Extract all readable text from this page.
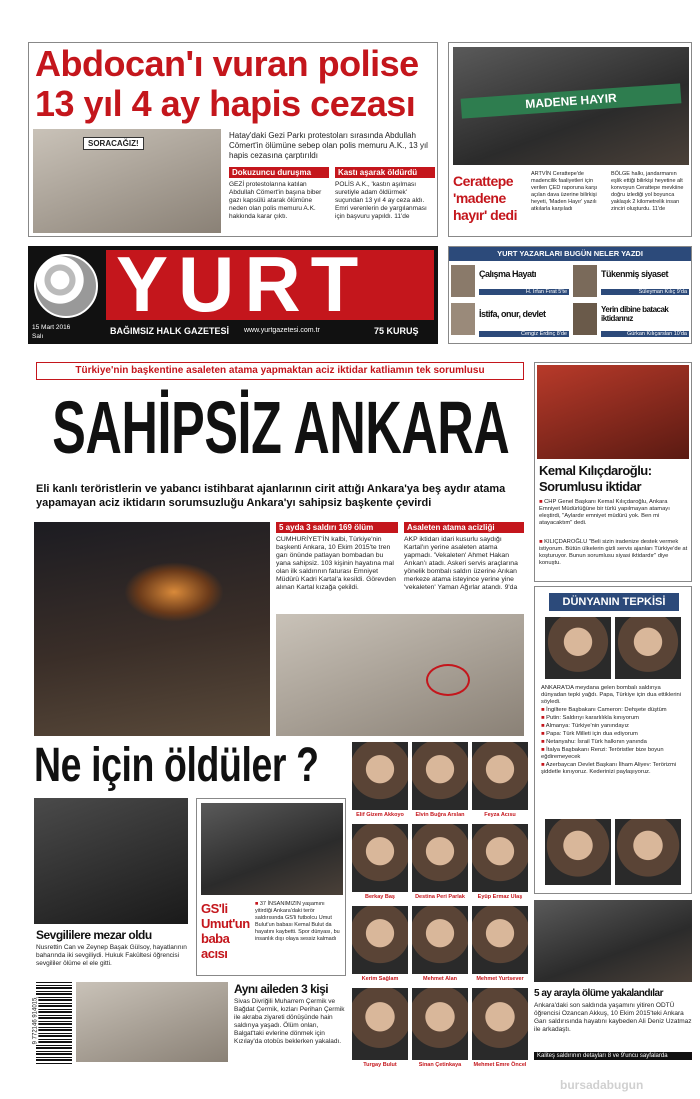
Abdocan'ı vuran polise
13 yıl 4 ay hapis cezası
SORACAĞIZ!
Hatay'daki Gezi Parkı protestoları sırasında Abdullah Cömert'in ölümüne sebep olan polis memuru A.K., 13 yıl hapis cezasına çarptırıldı
Dokuzuncu duruşma
GEZİ protestolarına katılan Abdullah Cömert'in başına biber gazı kapsülü atarak ölümüne neden olan polis memuru A.K. hakkında karar çıktı.
Kastı aşarak öldürdü
POLİS A.K., 'kastın aşılması suretiyle adam öldürmek' suçundan 13 yıl 4 ay ceza aldı. Emri verenlerin de yargılanması için başvuru yapıldı. 11'de
MADENE HAYIR
Cerattepe 'madene hayır' dedi
ARTVİN Cerattepe'de madencilik faaliyetleri için verilen ÇED raporuna karşı açılan dava üzerine bilirkişi heyeti, 'Maden Hayır' yazılı atkılarla karşıladı
BÖLGE halkı, jandarmanın eşlik ettiği bilirkişi heyetine alt konvoyun Cerattepe mevkiine doğru izlediği yol boyunca yaklaşık 2 kilometrelik insan zinciri oluşturdu. 11'de
15 Mart 2016
Salı
YURT
BAĞIMSIZ HALK GAZETESİ www.yurtgazetesi.com.tr	75 KURUŞ
YURT YAZARLARI BUGÜN NELER YAZDI
Çalışma Hayatı
H. İrfan Fırat 5'te
Tükenmiş siyaset
Süleyman Kılıç 9'da
İstifa, onur, devlet
Cengiz Erdinç 8'de
Yerin dibine batacak iktidarınız
Gürkan Kılıçarslan 10'da
Türkiye'nin başkentine asaleten atama yapmaktan aciz iktidar katliamın tek sorumlusu
SAHİPSİZ ANKARA
Eli kanlı teröristlerin ve yabancı istihbarat ajanlarının cirit attığı Ankara'ya beş aydır atama yapamayan aciz iktidarın sorumsuzluğu Ankara'yı sahipsiz başkente çevirdi
5 ayda 3 saldırı 169 ölüm
CUMHURİYET'İN kalbi, Türkiye'nin başkenti Ankara, 10 Ekim 2015'te tren garı önünde patlayan bombadan bu yana sahipsiz. 103 kişinin hayatına mal olan ilk saldırının faturası Emniyet Müdürü Kadri Kartal'a kesildi. Görevden alınan Kartal kızağa çekildi.
Asaleten atama acizliği
AKP iktidarı idari kusurlu saydığı Kartal'ın yerine asaleten atama yapmadı. 'Vekaleten' Ahmet Hakan Arıkan'ı atadı. Askeri servis araçlarına yönelik bombalı saldırı üzerine Arıkan merkeze atama isteyince yerine yine 'vekaleten' Yaman Ağırlar atandı. 9'da
Kemal Kılıçdaroğlu: Sorumlusu iktidar
■ CHP Genel Başkanı Kemal Kılıçdaroğlu, Ankara Emniyet Müdürlüğüne bir türlü yapılmayan atamayı eleştirdi, "Aylardır emniyet müdürü yok. Ben mi atayacaktım" dedi.
■ KILIÇDAROĞLU "Beli sizin iradenize destek vermek istiyorum. Bütün ülkelerin gizli servis ajanları Türkiye'de at koşturuyor. Bunun sorumlusu siyasi iktidardır" diye konuştu.
DÜNYANIN TEPKİSİ
ANKARA'DA meydana gelen bombalı saldırıya dünyadan tepki yağdı. Papa, Türkiye için dua ettiklerini söyledi.
■ İngiltere Başbakanı Cameron: Dehşete düştüm
■ Putin: Saldırıyı kararlılıkla kınıyorum
■ Almanya: Türkiye'nin yanındayız
■ Papa: Türk Milleti için dua ediyorum
■ Netanyahu: İsrail Türk halkının yanında
■ İtalya Başbakanı Renzi: Teröristler bize boyun eğdiremeyecek
■ Azerbaycan Devlet Başkanı İlham Aliyev: Terörizmi şiddetle kınıyoruz. Kederinizi paylaşıyoruz.
Ne için öldüler ?
Elif Gizem Akkoyo	Elvin Buğra Arslan	Feyza Acısu
Berkay Baş	Destina Peri Parlak	Eyüp Ermaz Ulaş
Kerim Sağlam	Mehmet Alan	Mehmet Yurtsever
Turgay Bulut	Sinan Çetinkaya	Mehmet Emre Öncel
Sevgililere mezar oldu
Nusrettin Can ve Zeynep Başak Gülsoy, hayatlarının baharında iki sevgiliydi. Hukuk Fakültesi öğrencisi sevgililer ölüme el ele gitti.
GS'li
Umut'un
baba
acısı
■ 37 İNSANIMIZIN yaşamını yitirdiği Ankara'daki terör saldırısında GS'li futbolcu Umut Bulut'un babası Kemal Bulut da hayatını kaybetti. Spor dünyası, bu insanlık dışı olaya sessiz kalmadı
9 772146 914015
Aynı aileden 3 kişi
Sivas Divriğili Muharrem Çermik ve Bağdat Çermik, kızları Perihan Çermik ile akraba ziyareti dönüşünde hain saldırıya yaşadı. Ölüm onları, Balgat'taki evlerine dönmek için Kızılay'da otobüs beklerken yakaladı.
5 ay arayla ölüme yakalandılar
Ankara'daki son saldırıda yaşamını yitiren ODTÜ öğrencisi Ozancan Akkuş, 10 Ekim 2015'teki Ankara Garı saldırısında hayatını kaybeden Ali Deniz Uzatmaz ile arkadaştı.
Kaliteş saldırının detayları 8 ve 9'uncu sayfalarda
bursadabugun
